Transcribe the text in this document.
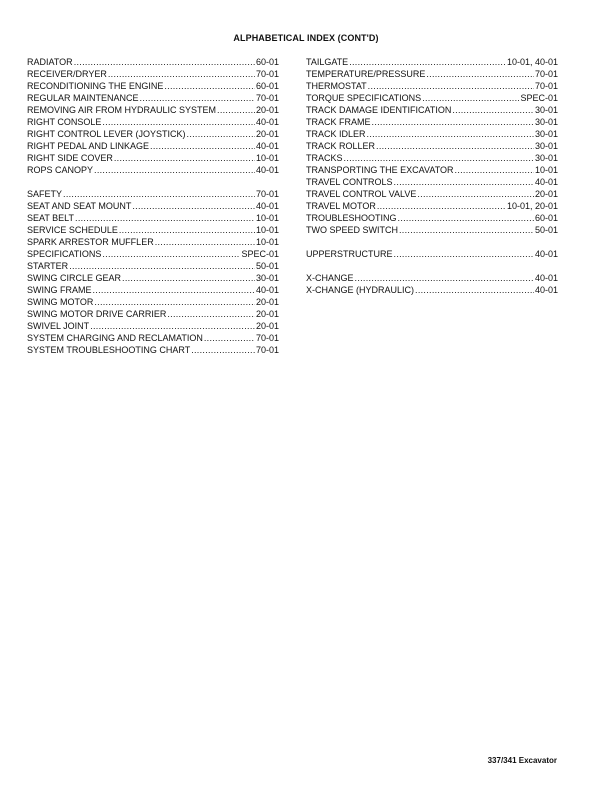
ALPHABETICAL INDEX (CONT'D)
RADIATOR .....	60-01
RECEIVER/DRYER .....	70-01
RECONDITIONING THE ENGINE .....	60-01
REGULAR MAINTENANCE .....	70-01
REMOVING AIR FROM HYDRAULIC SYSTEM .....	20-01
RIGHT CONSOLE .....	40-01
RIGHT CONTROL LEVER (JOYSTICK) .....	20-01
RIGHT PEDAL AND LINKAGE .....	40-01
RIGHT SIDE COVER .....	10-01
ROPS CANOPY .....	40-01
SAFETY .....	70-01
SEAT AND SEAT MOUNT .....	40-01
SEAT BELT .....	10-01
SERVICE SCHEDULE .....	10-01
SPARK ARRESTOR MUFFLER .....	10-01
SPECIFICATIONS .....	SPEC-01
STARTER .....	50-01
SWING CIRCLE GEAR .....	30-01
SWING FRAME .....	40-01
SWING MOTOR .....	20-01
SWING MOTOR DRIVE CARRIER .....	20-01
SWIVEL JOINT .....	20-01
SYSTEM CHARGING AND RECLAMATION .....	70-01
SYSTEM TROUBLESHOOTING CHART .....	70-01
TAILGATE .....	10-01, 40-01
TEMPERATURE/PRESSURE .....	70-01
THERMOSTAT .....	70-01
TORQUE SPECIFICATIONS .....	SPEC-01
TRACK DAMAGE IDENTIFICATION .....	30-01
TRACK FRAME .....	30-01
TRACK IDLER .....	30-01
TRACK ROLLER .....	30-01
TRACKS .....	30-01
TRANSPORTING THE EXCAVATOR .....	10-01
TRAVEL CONTROLS .....	40-01
TRAVEL CONTROL VALVE .....	20-01
TRAVEL MOTOR .....	10-01, 20-01
TROUBLESHOOTING .....	60-01
TWO SPEED SWITCH .....	50-01
UPPERSTRUCTURE .....	40-01
X-CHANGE .....	40-01
X-CHANGE (HYDRAULIC) .....	40-01
337/341 Excavator
